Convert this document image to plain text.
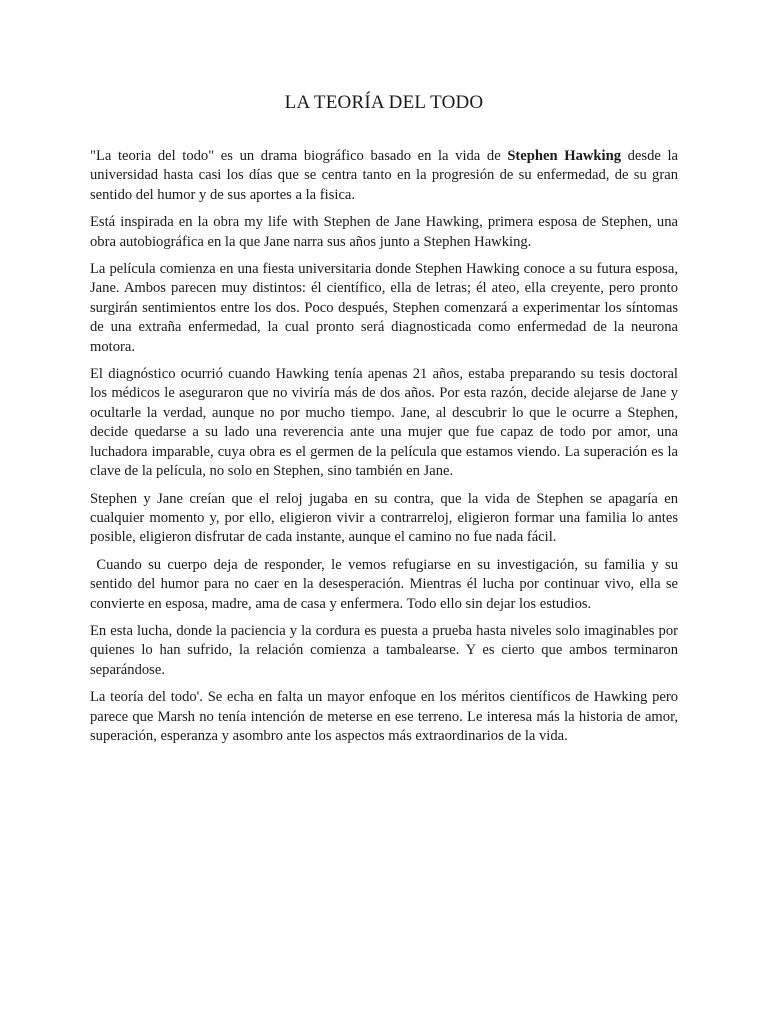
LA TEORÍA DEL TODO

"La teoria del todo" es un drama biográfico basado en la vida de Stephen Hawking desde la universidad hasta casi los días que se centra tanto en la progresión de su enfermedad, de su gran sentido del humor y de sus aportes a la fisica.

Está inspirada en la obra my life with Stephen de Jane Hawking, primera esposa de Stephen, una obra autobiográfica en la que Jane narra sus años junto a Stephen Hawking.

La película comienza en una fiesta universitaria donde Stephen Hawking conoce a su futura esposa, Jane. Ambos parecen muy distintos: él científico, ella de letras; él ateo, ella creyente, pero pronto surgirán sentimientos entre los dos. Poco después, Stephen comenzará a experimentar los síntomas de una extraña enfermedad, la cual pronto será diagnosticada como enfermedad de la neurona motora.

El diagnóstico ocurrió cuando Hawking tenía apenas 21 años, estaba preparando su tesis doctoral los médicos le aseguraron que no viviría más de dos años. Por esta razón, decide alejarse de Jane y ocultarle la verdad, aunque no por mucho tiempo. Jane, al descubrir lo que le ocurre a Stephen, decide quedarse a su lado una reverencia ante una mujer que fue capaz de todo por amor, una luchadora imparable, cuya obra es el germen de la película que estamos viendo. La superación es la clave de la película, no solo en Stephen, sino también en Jane.

Stephen y Jane creían que el reloj jugaba en su contra, que la vida de Stephen se apagaría en cualquier momento y, por ello, eligieron vivir a contrarreloj, eligieron formar una familia lo antes posible, eligieron disfrutar de cada instante, aunque el camino no fue nada fácil.

Cuando su cuerpo deja de responder, le vemos refugiarse en su investigación, su familia y su sentido del humor para no caer en la desesperación. Mientras él lucha por continuar vivo, ella se convierte en esposa, madre, ama de casa y enfermera. Todo ello sin dejar los estudios.

En esta lucha, donde la paciencia y la cordura es puesta a prueba hasta niveles solo imaginables por quienes lo han sufrido, la relación comienza a tambalearse. Y es cierto que ambos terminaron separándose.

La teoría del todo'. Se echa en falta un mayor enfoque en los méritos científicos de Hawking pero parece que Marsh no tenía intención de meterse en ese terreno. Le interesa más la historia de amor, superación, esperanza y asombro ante los aspectos más extraordinarios de la vida.
